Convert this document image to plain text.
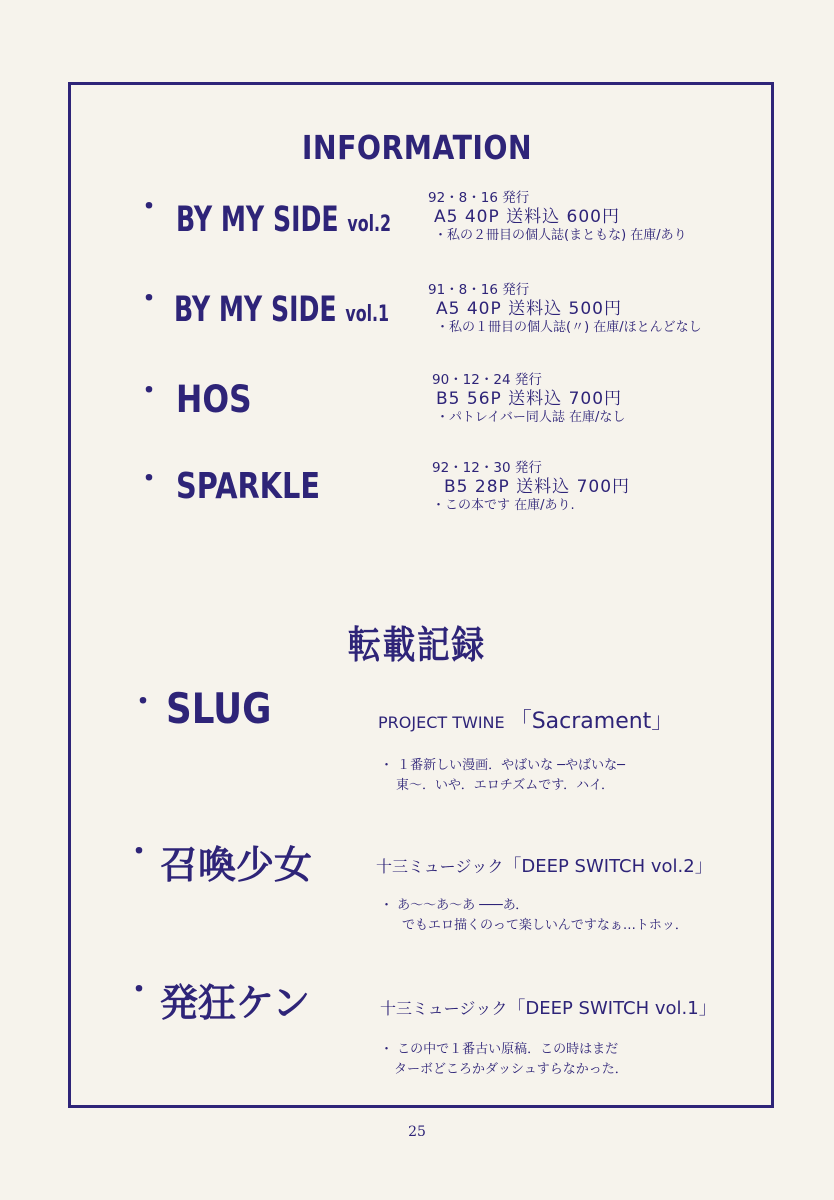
INFORMATION
・ BY MY SIDE vol.2
92・8・16 発行
A5 40P 送料込 600円
・私の２冊目の個人誌(まともな) 在庫/あり
・ BY MY SIDE vol.1
91・8・16 発行
A5 40P 送料込 500円
・私の１冊目の個人誌(〃) 在庫/ほとんどなし
・ HOS	90・12・24 発行
B5 56P 送料込 700円
・パトレイバー同人誌 在庫/なし
・ SPARKLE	92・12・30 発行
B5 28P 送料込 700円
・この本です 在庫/あり.
転載記録
・ SLUG	PROJECT TWINE 「Sacrament」
・ １番新しい漫画．やばいな ─やばいな─
東〜．いや．エロチズムです．ハイ．
・ 召喚少女	十三ミュージック「DEEP SWITCH vol.2」
・ あ〜〜あ〜あ ───あ．
でもエロ描くのって楽しいんですなぁ…トホッ．
・ 発狂ケン	十三ミュージック「DEEP SWITCH vol.1」
・ この中で１番古い原稿．この時はまだ
ターボどころかダッシュすらなかった．
25
